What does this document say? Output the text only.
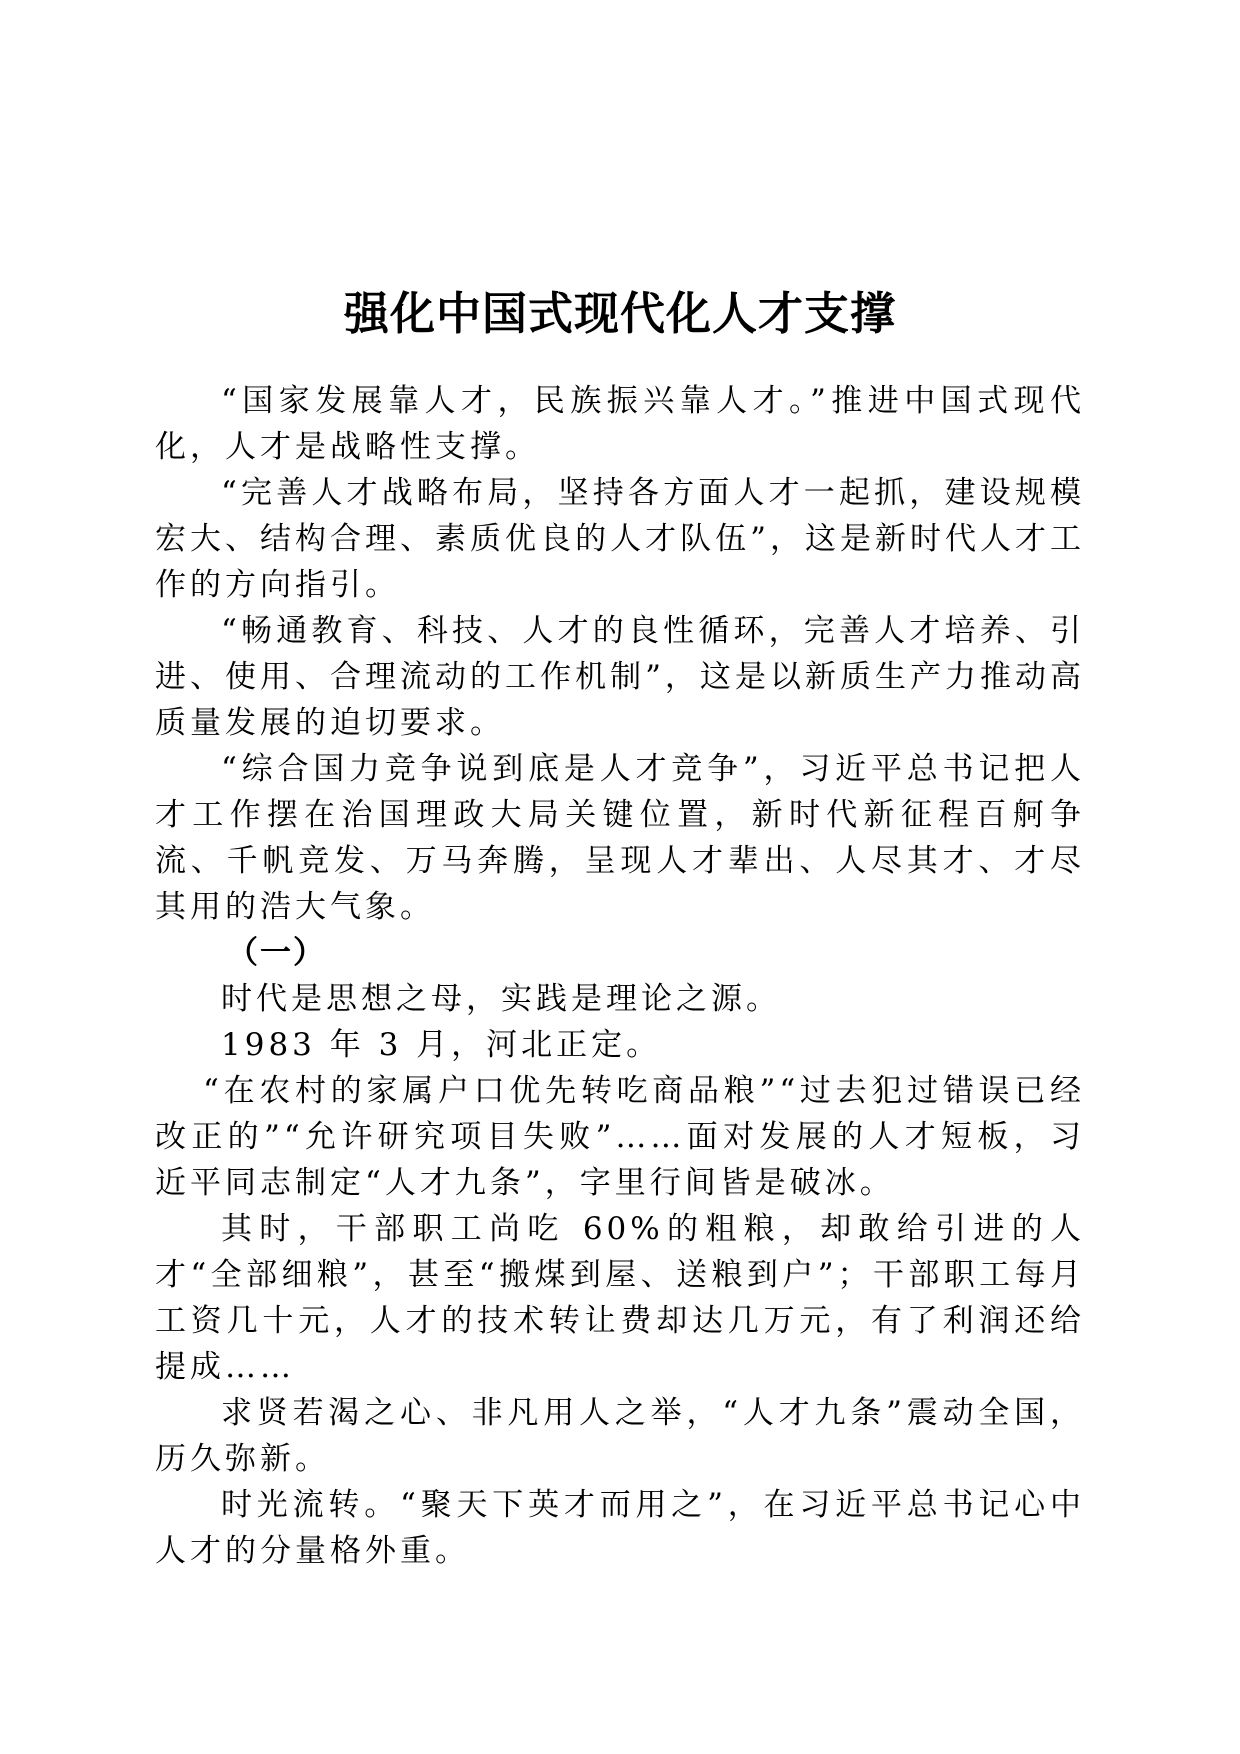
强化中国式现代化人才支撑

“国家发展靠人才，民族振兴靠人才。”推进中国式现代化，人才是战略性支撑。

“完善人才战略布局，坚持各方面人才一起抓，建设规模宏大、结构合理、素质优良的人才队伍”，这是新时代人才工作的方向指引。

“畅通教育、科技、人才的良性循环，完善人才培养、引进、使用、合理流动的工作机制”，这是以新质生产力推动高质量发展的迫切要求。

“综合国力竞争说到底是人才竞争”，习近平总书记把人才工作摆在治国理政大局关键位置，新时代新征程百舸争流、千帆竞发、万马奔腾，呈现人才辈出、人尽其才、才尽其用的浩大气象。

（一）

时代是思想之母，实践是理论之源。

1983 年 3 月，河北正定。

“在农村的家属户口优先转吃商品粮”“过去犯过错误已经改正的”“允许研究项目失败”……面对发展的人才短板，习近平同志制定“人才九条”，字里行间皆是破冰。

其时，干部职工尚吃 60%的粗粮，却敢给引进的人才“全部细粮”，甚至“搬煤到屋、送粮到户”；干部职工每月工资几十元，人才的技术转让费却达几万元，有了利润还给提成……

求贤若渴之心、非凡用人之举，“人才九条”震动全国，历久弥新。

时光流转。“聚天下英才而用之”，在习近平总书记心中人才的分量格外重。
